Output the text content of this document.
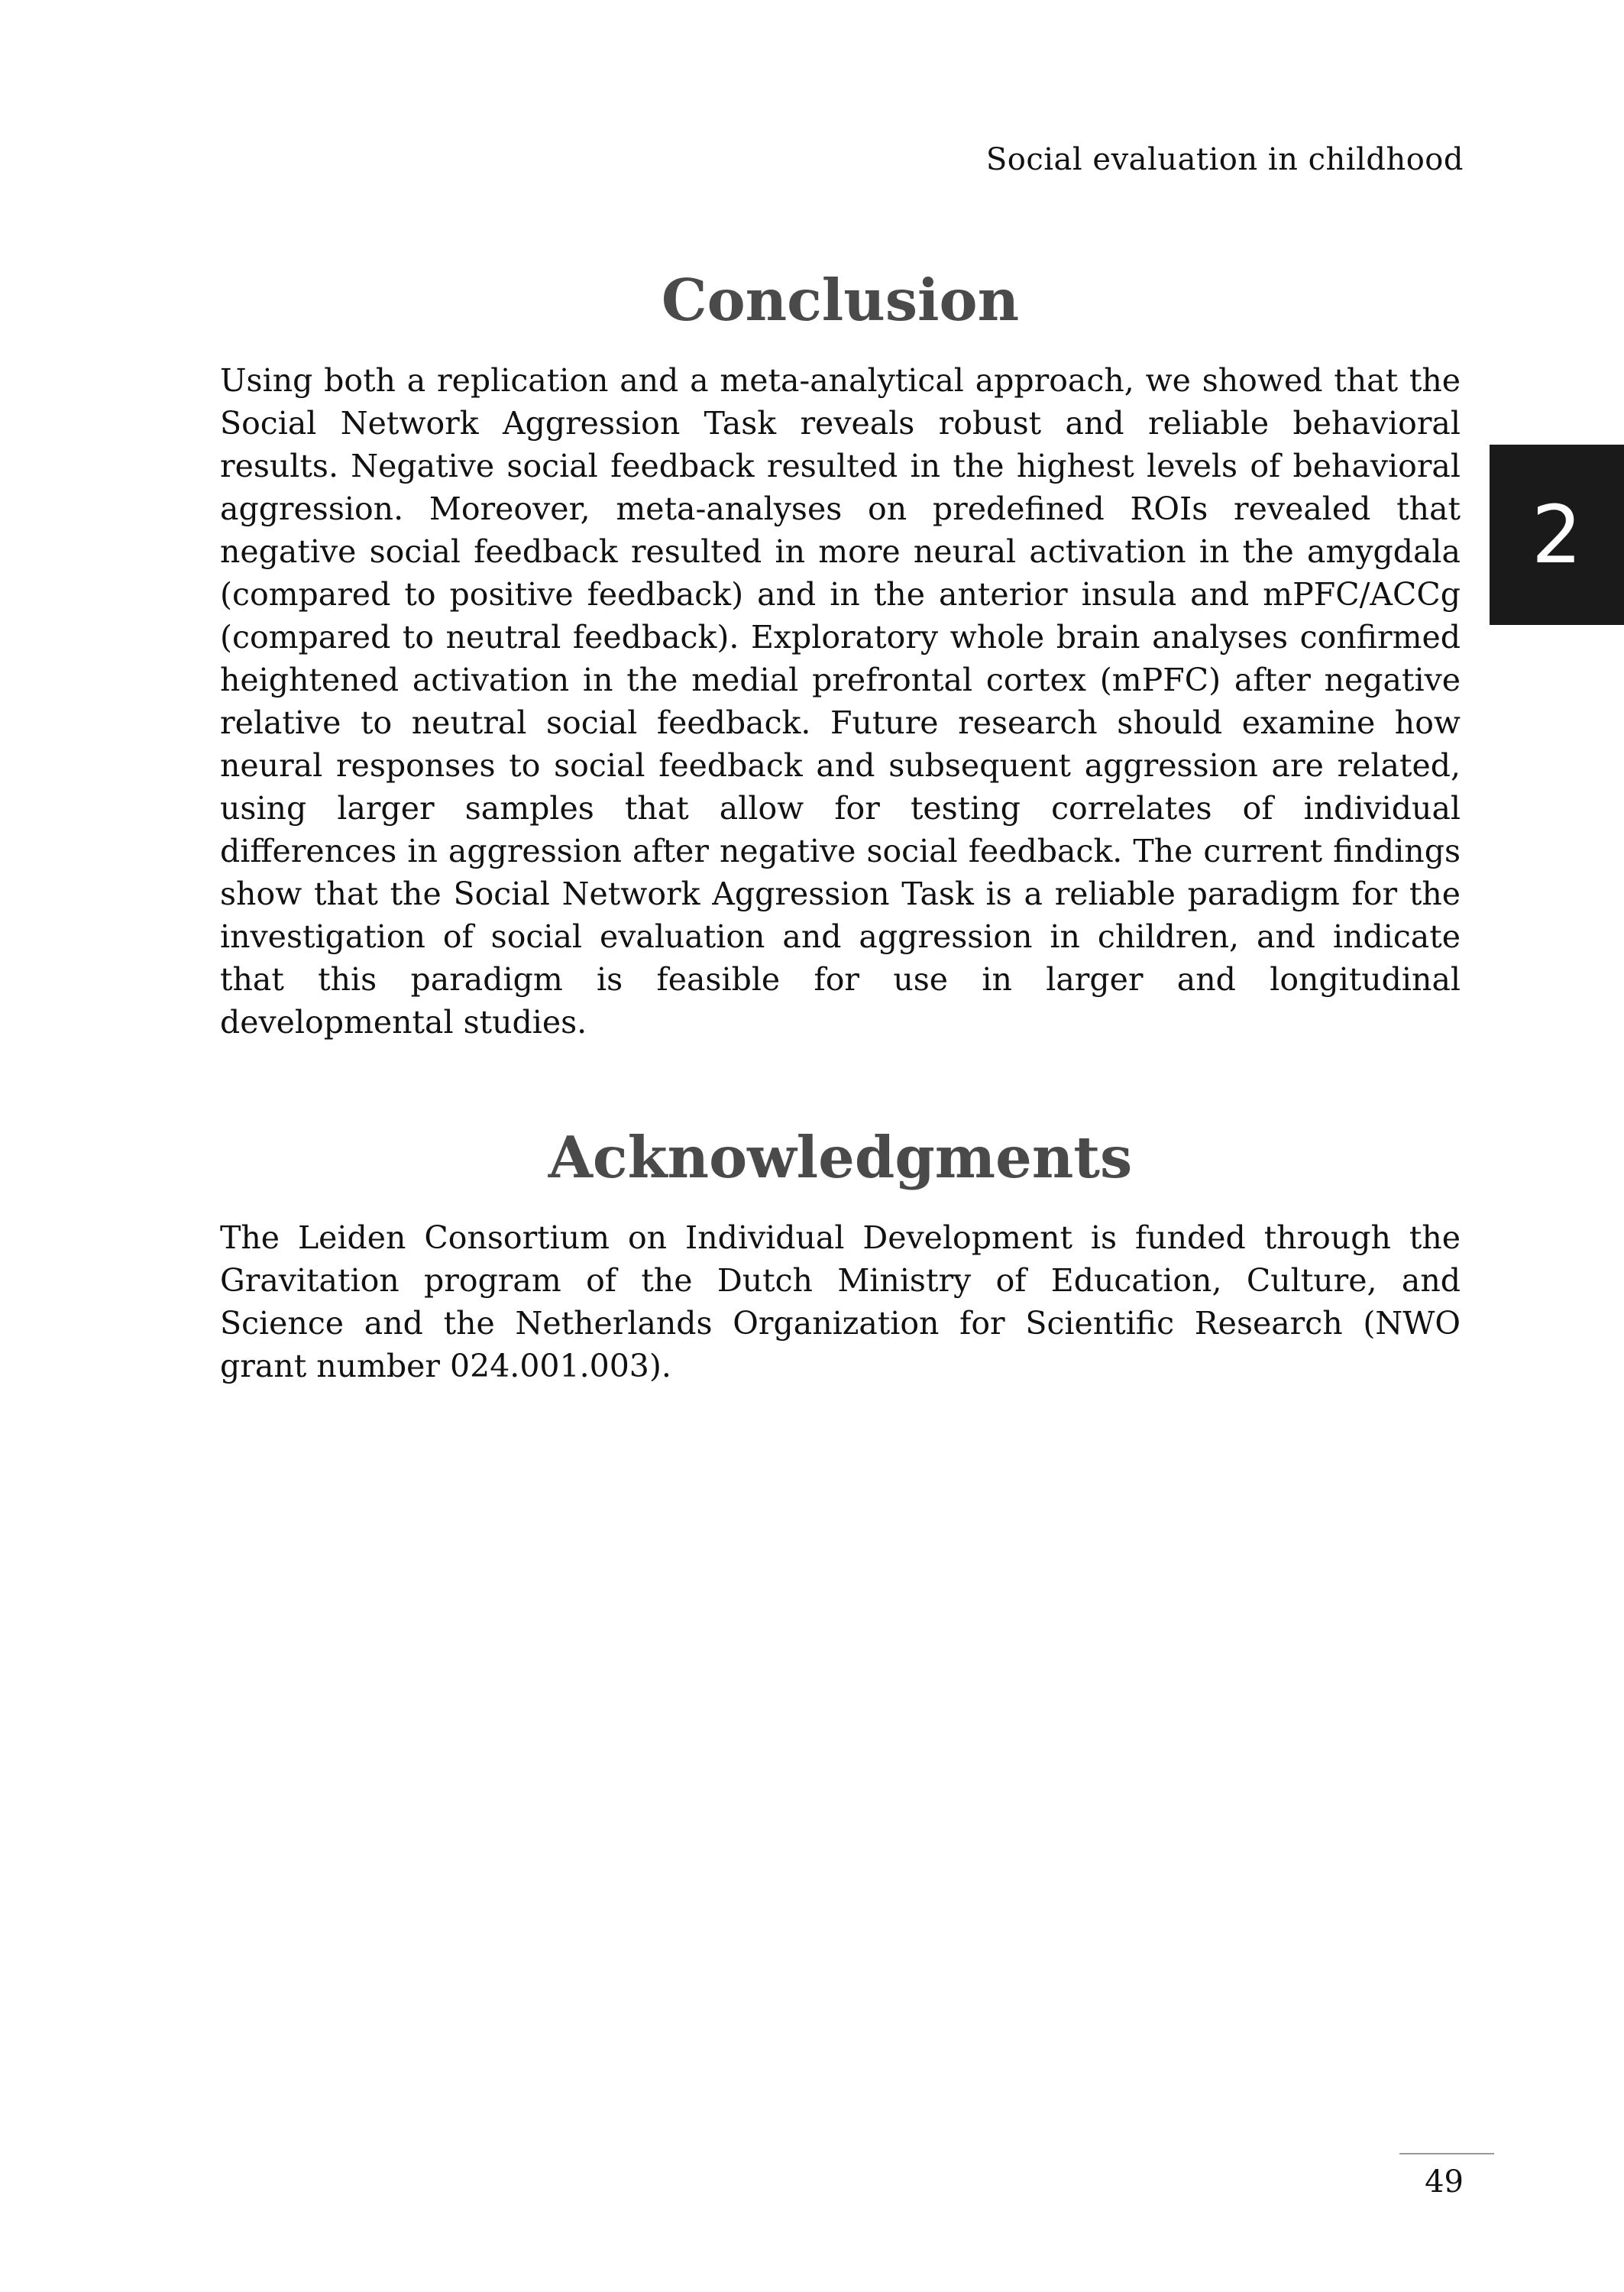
Social evaluation in childhood
2
Conclusion

Using both a replication and a meta-analytical approach, we showed that the Social Network Aggression Task reveals robust and reliable behavioral results. Negative social feedback resulted in the highest levels of behavioral aggression. Moreover, meta-analyses on predefined ROIs revealed that negative social feedback resulted in more neural activation in the amygdala (compared to positive feedback) and in the anterior insula and mPFC/ACCg (compared to neutral feedback). Exploratory whole brain analyses confirmed heightened activation in the medial prefrontal cortex (mPFC) after negative relative to neutral social feedback. Future research should examine how neural responses to social feedback and subsequent aggression are related, using larger samples that allow for testing correlates of individual differences in aggression after negative social feedback. The current findings show that the Social Network Aggression Task is a reliable paradigm for the investigation of social evaluation and aggression in children, and indicate that this paradigm is feasible for use in larger and longitudinal developmental studies.

Acknowledgments

The Leiden Consortium on Individual Development is funded through the Gravitation program of the Dutch Ministry of Education, Culture, and Science and the Netherlands Organization for Scientific Research (NWO grant number 024.001.003).

49
